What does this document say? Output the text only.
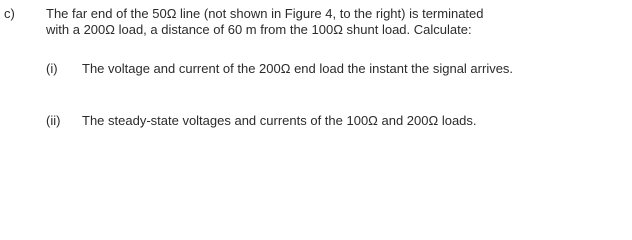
c) The far end of the 50Ω line (not shown in Figure 4, to the right) is terminated
with a 200Ω load, a distance of 60 m from the 100Ω shunt load. Calculate:
(i) The voltage and current of the 200Ω end load the instant the signal arrives.
(ii) The steady-state voltages and currents of the 100Ω and 200Ω loads.
